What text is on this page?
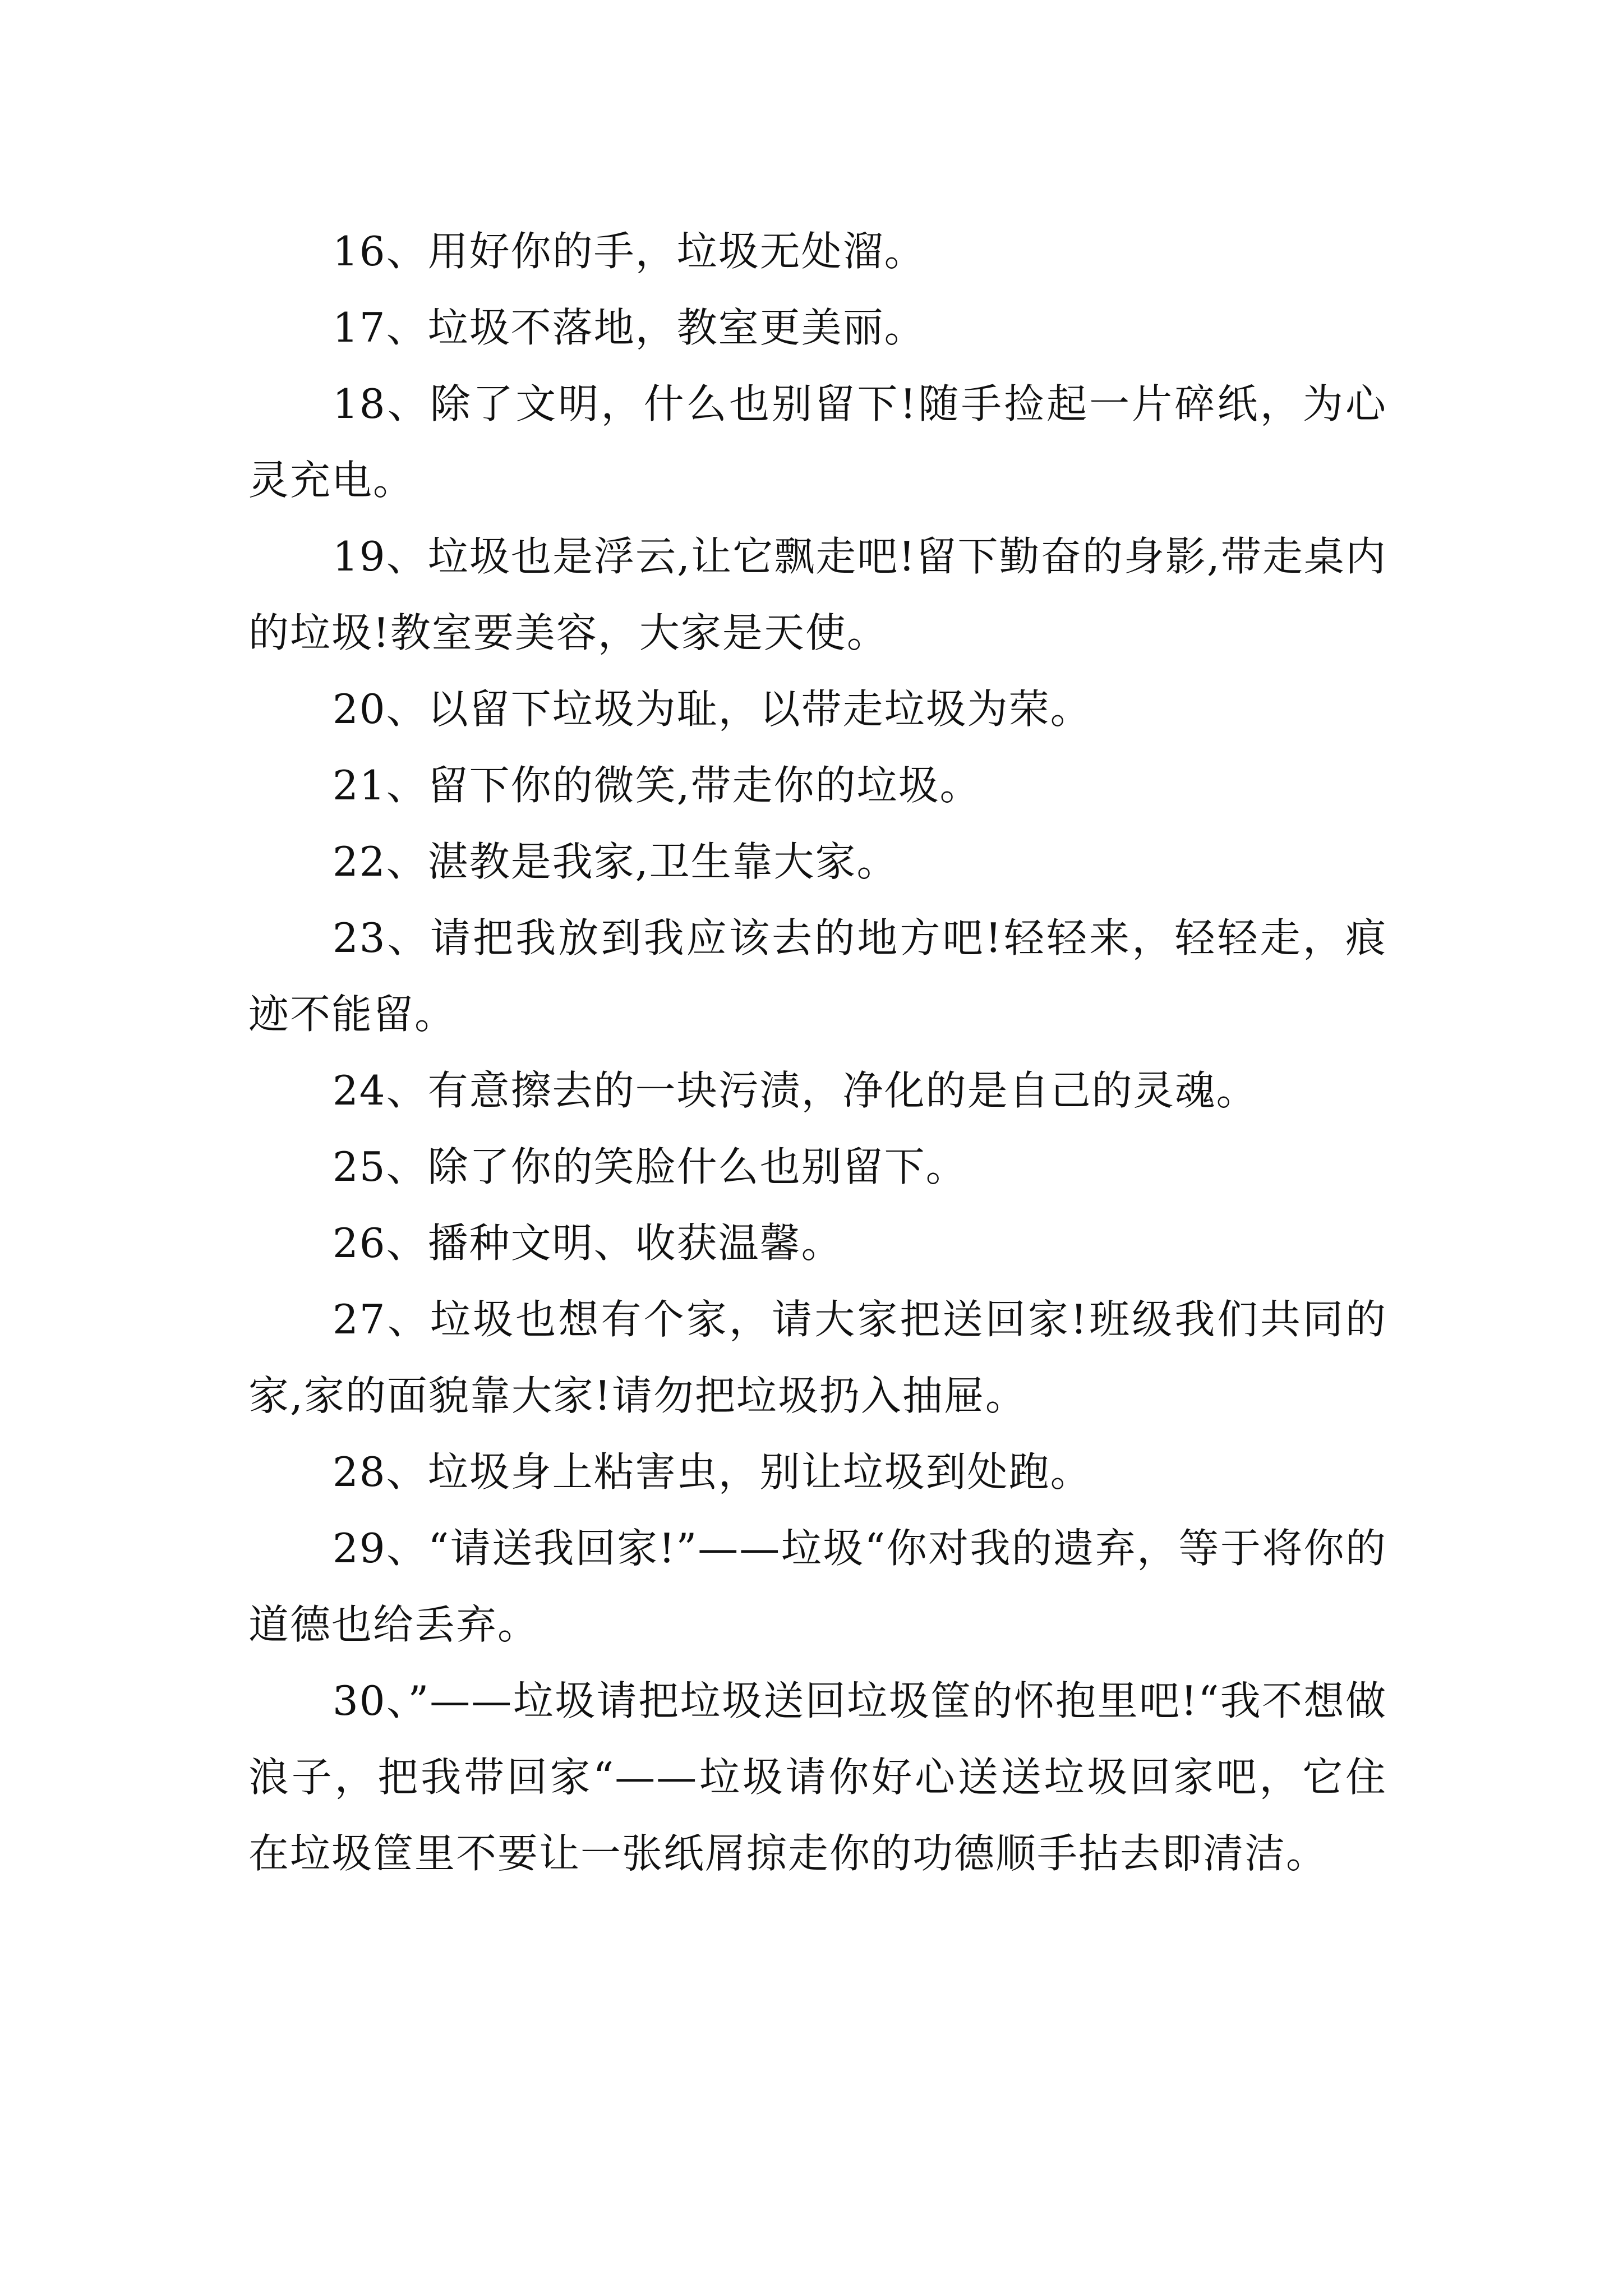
16、用好你的手，垃圾无处溜。

17、垃圾不落地，教室更美丽。

18、除了文明，什么也别留下!随手捡起一片碎纸，为心灵充电。

19、垃圾也是浮云,让它飘走吧!留下勤奋的身影,带走桌内的垃圾!教室要美容，大家是天使。

20、以留下垃圾为耻，以带走垃圾为荣。

21、留下你的微笑,带走你的垃圾。

22、湛教是我家,卫生靠大家。

23、请把我放到我应该去的地方吧!轻轻来，轻轻走，痕迹不能留。

24、有意擦去的一块污渍，净化的是自己的灵魂。

25、除了你的笑脸什么也别留下。

26、播种文明、收获温馨。

27、垃圾也想有个家，请大家把送回家!班级我们共同的家,家的面貌靠大家!请勿把垃圾扔入抽屉。

28、垃圾身上粘害虫，别让垃圾到处跑。

29、“请送我回家!”——垃圾“你对我的遗弃，等于将你的道德也给丢弃。

30、”——垃圾请把垃圾送回垃圾筐的怀抱里吧!“我不想做浪子，把我带回家“——垃圾请你好心送送垃圾回家吧，它住在垃圾筐里不要让一张纸屑掠走你的功德顺手拈去即清洁。
